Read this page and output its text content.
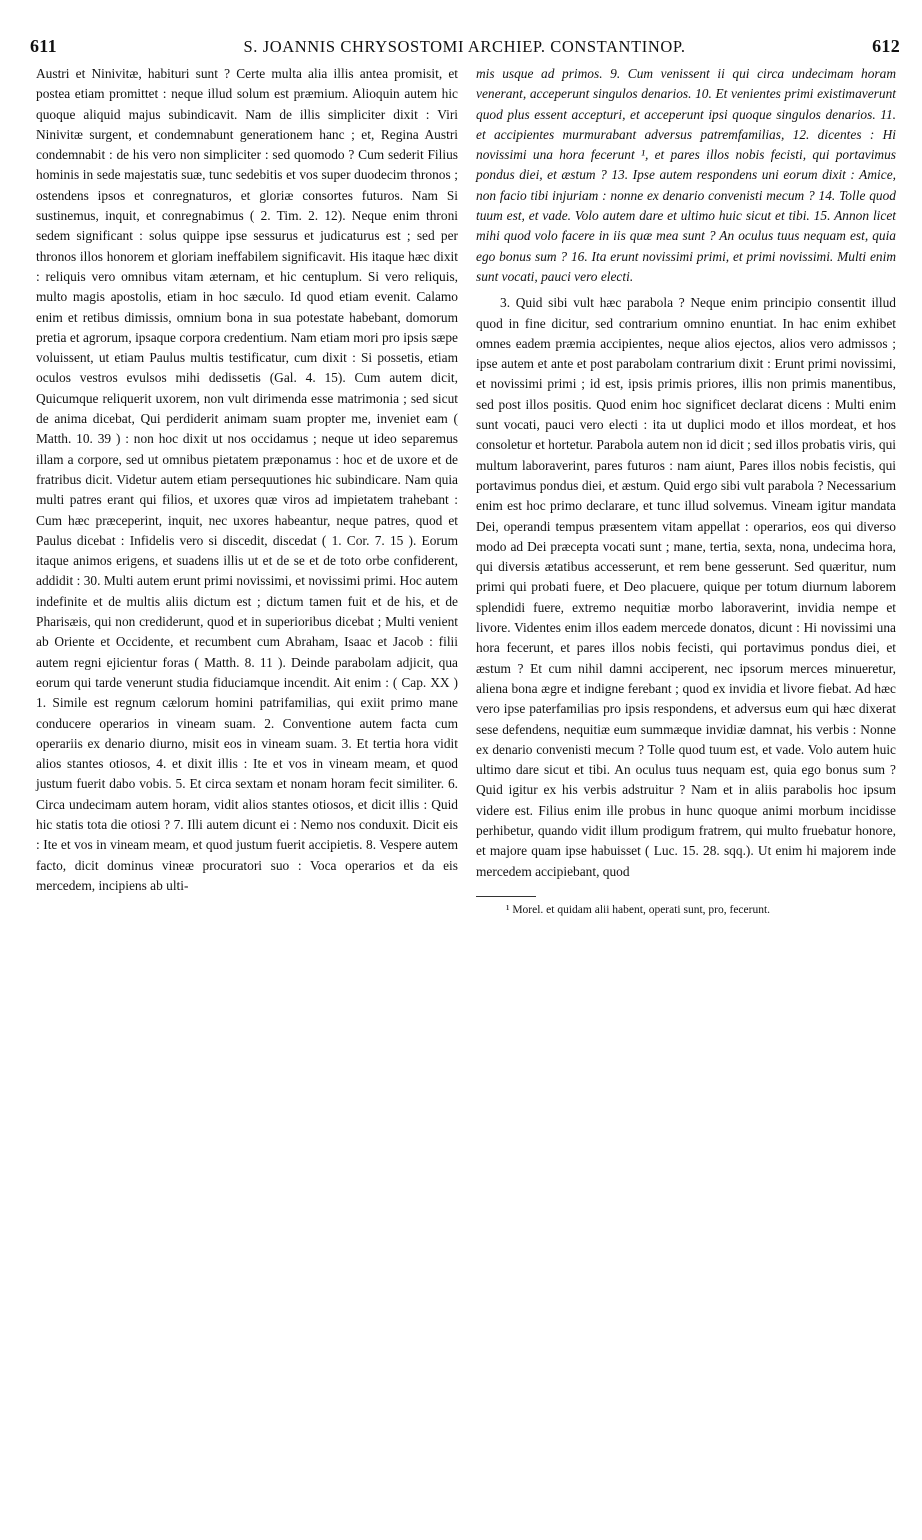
611	S. JOANNIS CHRYSOSTOMI ARCHIEP. CONSTANTINOP.	612

Austri et Ninivitæ, habituri sunt ? Certe multa alia illis antea promisit, et postea etiam promittet : neque illud solum est præmium. Alioquin autem hic quoque aliquid majus subindicavit. Nam de illis simpliciter dixit : Viri Ninivitæ surgent, et condemnabunt generationem hanc ; et, Regina Austri condemnabit : de his vero non simpliciter : sed quomodo ? Cum sederit Filius hominis in sede majestatis suæ, tunc sedebitis et vos super duodecim thronos ; ostendens ipsos et conregnaturos, et gloriæ consortes futuros. Nam Si sustinemus, inquit, et conregnabimus ( 2. Tim. 2. 12). Neque enim throni sedem significant : solus quippe ipse sessurus et judicaturus est ; sed per thronos illos honorem et gloriam ineffabilem significavit. His itaque hæc dixit : reliquis vero omnibus vitam æternam, et hic centuplum. Si vero reliquis, multo magis apostolis, etiam in hoc sæculo. Id quod etiam evenit. Calamo enim et retibus dimissis, omnium bona in sua potestate habebant, domorum pretia et agrorum, ipsaque corpora credentium. Nam etiam mori pro ipsis sæpe voluissent, ut etiam Paulus multis testificatur, cum dixit : Si possetis, etiam oculos vestros evulsos mihi dedissetis (Gal. 4. 15). Cum autem dicit, Quicumque reliquerit uxorem, non vult dirimenda esse matrimonia ; sed sicut de anima dicebat, Qui perdiderit animam suam propter me, inveniet eam ( Matth. 10. 39 ) : non hoc dixit ut nos occidamus ; neque ut ideo separemus illam a corpore, sed ut omnibus pietatem præponamus : hoc et de uxore et de fratribus dicit. Videtur autem etiam persequutiones hic subindicare. Nam quia multi patres erant qui filios, et uxores quæ viros ad impietatem trahebant : Cum hæc præceperint, inquit, nec uxores habeantur, neque patres, quod et Paulus dicebat : Infidelis vero si discedit, discedat ( 1. Cor. 7. 15 ). Eorum itaque animos erigens, et suadens illis ut et de se et de toto orbe confiderent, addidit : 30. Multi autem erunt primi novissimi, et novissimi primi. Hoc autem indefinite et de multis aliis dictum est ; dictum tamen fuit et de his, et de Pharisæis, qui non crediderunt, quod et in superioribus dicebat ; Multi venient ab Oriente et Occidente, et recumbent cum Abraham, Isaac et Jacob : filii autem regni ejicientur foras ( Matth. 8. 11 ). Deinde parabolam adjicit, qua eorum qui tarde venerunt studia fiduciamque incendit. Ait enim : ( Cap. XX ) 1. Simile est regnum cælorum homini patrifamilias, qui exiit primo mane conducere operarios in vineam suam. 2. Conventione autem facta cum operariis ex denario diurno, misit eos in vineam suam. 3. Et tertia hora vidit alios stantes otiosos, 4. et dixit illis : Ite et vos in vineam meam, et quod justum fuerit dabo vobis. 5. Et circa sextam et nonam horam fecit similiter. 6. Circa undecimam autem horam, vidit alios stantes otiosos, et dicit illis : Quid hic statis tota die otiosi ? 7. Illi autem dicunt ei : Nemo nos conduxit. Dicit eis : Ite et vos in vineam meam, et quod justum fuerit accipietis. 8. Vespere autem facto, dicit dominus vineæ procuratori suo : Voca operarios et da eis mercedem, incipiens ab ulti-

mis usque ad primos. 9. Cum venissent ii qui circa undecimam horam venerant, acceperunt singulos denarios. 10. Et venientes primi existimaverunt quod plus essent accepturi, et acceperunt ipsi quoque singulos denarios. 11. et accipientes murmurabant adversus patremfamilias, 12. dicentes : Hi novissimi una hora fecerunt ¹, et pares illos nobis fecisti, qui portavimus pondus diei, et æstum ? 13. Ipse autem respondens uni eorum dixit : Amice, non facio tibi injuriam : nonne ex denario convenisti mecum ? 14. Tolle quod tuum est, et vade. Volo autem dare et ultimo huic sicut et tibi. 15. Annon licet mihi quod volo facere in iis quæ mea sunt ? An oculus tuus nequam est, quia ego bonus sum ? 16. Ita erunt novissimi primi, et primi novissimi. Multi enim sunt vocati, pauci vero electi.

3. Quid sibi vult hæc parabola ? Neque enim principio consentit illud quod in fine dicitur, sed contrarium omnino enuntiat. In hac enim exhibet omnes eadem præmia accipientes, neque alios ejectos, alios vero admissos ; ipse autem et ante et post parabolam contrarium dixit : Erunt primi novissimi, et novissimi primi ; id est, ipsis primis priores, illis non primis manentibus, sed post illos positis. Quod enim hoc significet declarat dicens : Multi enim sunt vocati, pauci vero electi : ita ut duplici modo et illos mordeat, et hos consoletur et hortetur. Parabola autem non id dicit ; sed illos probatis viris, qui multum laboraverint, pares futuros : nam aiunt, Pares illos nobis fecistis, qui portavimus pondus diei, et æstum. Quid ergo sibi vult parabola ? Necessarium enim est hoc primo declarare, et tunc illud solvemus. Vineam igitur mandata Dei, operandi tempus præsentem vitam appellat : operarios, eos qui diverso modo ad Dei præcepta vocati sunt ; mane, tertia, sexta, nona, undecima hora, qui diversis ætatibus accesserunt, et rem bene gesserunt. Sed quæritur, num primi qui probati fuere, et Deo placuere, quique per totum diurnum laborem splendidi fuere, extremo nequitiæ morbo laboraverint, invidia nempe et livore. Videntes enim illos eadem mercede donatos, dicunt : Hi novissimi una hora fecerunt, et pares illos nobis fecisti, qui portavimus pondus diei, et æstum ? Et cum nihil damni acciperent, nec ipsorum merces minueretur, aliena bona ægre et indigne ferebant ; quod ex invidia et livore fiebat. Ad hæc vero ipse paterfamilias pro ipsis respondens, et adversus eum qui hæc dixerat sese defendens, nequitiæ eum summæque invidiæ damnat, his verbis : Nonne ex denario convenisti mecum ? Tolle quod tuum est, et vade. Volo autem huic ultimo dare sicut et tibi. An oculus tuus nequam est, quia ego bonus sum ? Quid igitur ex his verbis adstruitur ? Nam et in aliis parabolis hoc ipsum videre est. Filius enim ille probus in hunc quoque animi morbum incidisse perhibetur, quando vidit illum prodigum fratrem, qui multo fruebatur honore, et majore quam ipse habuisset ( Luc. 15. 28. sqq.). Ut enim hi majorem inde mercedem accipiebant, quod

¹ Morel. et quidam alii habent, operati sunt, pro, fecerunt.
